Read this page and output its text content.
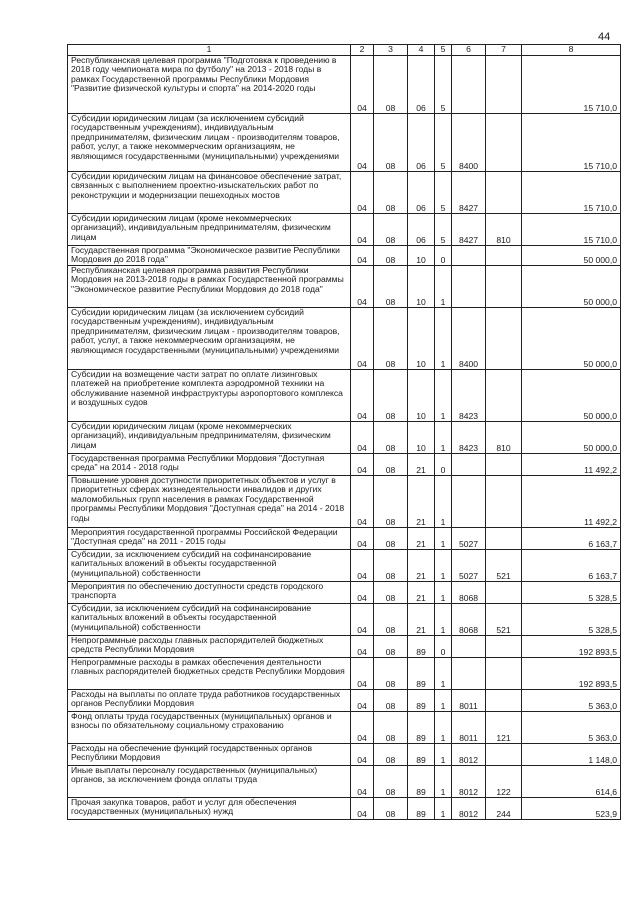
44
1	2	3	4	5	6	7	8
Республиканская целевая программа "Подготовка к проведению в 2018 году чемпионата мира по футболу" на 2013 - 2018 годы в рамках Государственной программы Республики Мордовия "Развитие физической культуры и спорта" на 2014-2020 годы	04	08	06	5			15 710,0
Субсидии юридическим лицам (за исключением субсидий государственным учреждениям), индивидуальным предпринимателям, физическим лицам - производителям товаров, работ, услуг, а также некоммерческим организациям, не являющимся государственными (муниципальными) учреждениями	04	08	06	5	8400		15 710,0
Субсидии юридическим лицам на финансовое обеспечение затрат, связанных с выполнением проектно-изыскательских работ по реконструкции и модернизации пешеходных мостов	04	08	06	5	8427		15 710,0
Субсидии юридическим лицам (кроме некоммерческих организаций), индивидуальным предпринимателям, физическим лицам	04	08	06	5	8427	810	15 710,0
Государственная программа "Экономическое развитие Республики Мордовия до 2018 года"	04	08	10	0			50 000,0
Республиканская целевая программа развития Республики Мордовия на 2013-2018 годы в рамках Государственной программы "Экономическое развитие Республики Мордовия до 2018 года"	04	08	10	1			50 000,0
Субсидии юридическим лицам (за исключением субсидий государственным учреждениям), индивидуальным предпринимателям, физическим лицам - производителям товаров, работ, услуг, а также некоммерческим организациям, не являющимся государственными (муниципальными) учреждениями	04	08	10	1	8400		50 000,0
Субсидии на возмещение части затрат по оплате лизинговых платежей на приобретение комплекта аэродромной техники на обслуживание наземной инфраструктуры аэропортового комплекса и воздушных судов	04	08	10	1	8423		50 000,0
Субсидии юридическим лицам (кроме некоммерческих организаций), индивидуальным предпринимателям, физическим лицам	04	08	10	1	8423	810	50 000,0
Государственная программа Республики Мордовия "Доступная среда" на 2014 - 2018 годы	04	08	21	0			11 492,2
Повышение уровня доступности приоритетных объектов и услуг в приоритетных сферах жизнедеятельности инвалидов и других маломобильных групп населения в рамках Государственной программы Республики Мордовия "Доступная среда" на 2014 - 2018 годы	04	08	21	1			11 492,2
Мероприятия государственной программы Российской Федерации "Доступная среда" на 2011 - 2015 годы	04	08	21	1	5027		6 163,7
Субсидии, за исключением субсидий на софинансирование капитальных вложений в объекты государственной (муниципальной) собственности	04	08	21	1	5027	521	6 163,7
Мероприятия по обеспечению доступности средств городского транспорта	04	08	21	1	8068		5 328,5
Субсидии, за исключением субсидий на софинансирование капитальных вложений в объекты государственной (муниципальной) собственности	04	08	21	1	8068	521	5 328,5
Непрограммные расходы главных распорядителей бюджетных средств Республики Мордовия	04	08	89	0			192 893,5
Непрограммные расходы в рамках обеспечения деятельности главных распорядителей бюджетных средств Республики Мордовия	04	08	89	1			192 893,5
Расходы на выплаты по оплате труда работников государственных органов Республики Мордовия	04	08	89	1	8011		5 363,0
Фонд оплаты труда государственных (муниципальных) органов и взносы по обязательному социальному страхованию	04	08	89	1	8011	121	5 363,0
Расходы на обеспечение функций государственных органов Республики Мордовия	04	08	89	1	8012		1 148,0
Иные выплаты персоналу государственных (муниципальных) органов, за исключением фонда оплаты труда	04	08	89	1	8012	122	614,6
Прочая закупка товаров, работ и услуг для обеспечения государственных (муниципальных) нужд	04	08	89	1	8012	244	523,9
